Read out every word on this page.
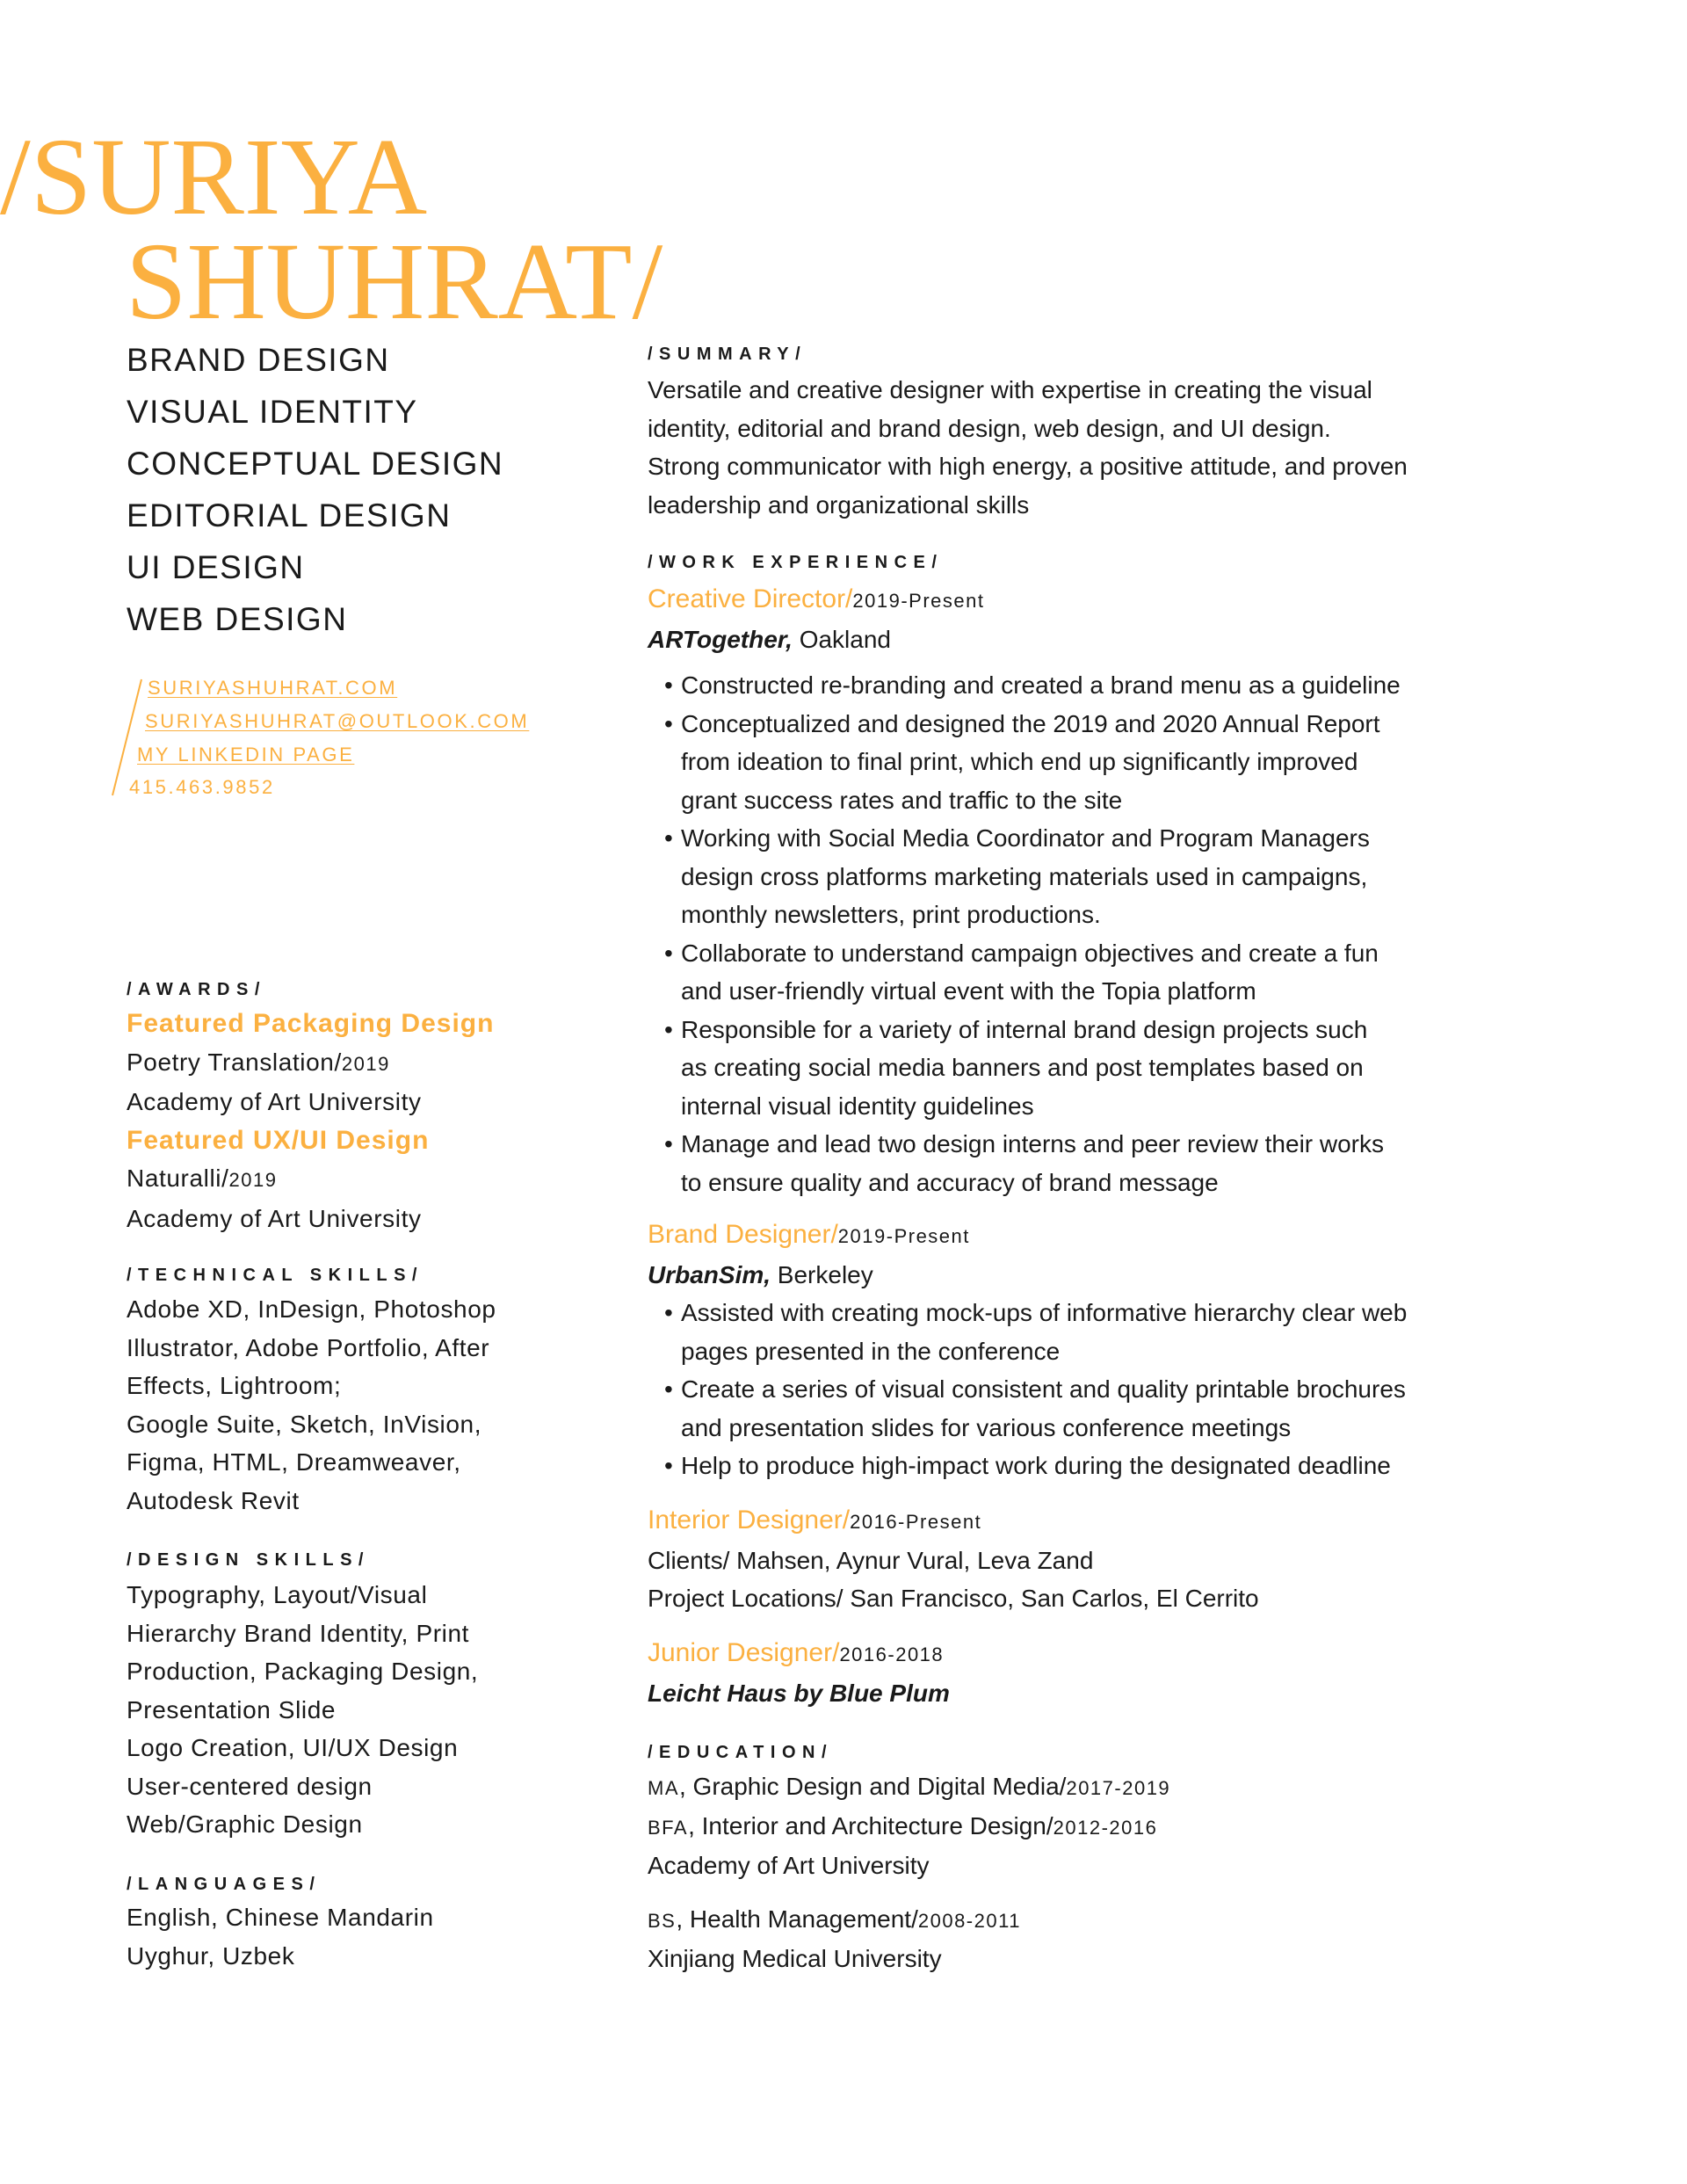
/SURIYA
SHUHRAT/
BRAND DESIGN
VISUAL IDENTITY
CONCEPTUAL DESIGN
EDITORIAL DESIGN
UI DESIGN
WEB DESIGN
SURIYASHUHRAT.COM
SURIYASHUHRAT@OUTLOOK.COM
MY LINKEDIN PAGE
415.463.9852
/AWARDS/
Featured Packaging Design
Poetry Translation/2019
Academy of Art University
Featured UX/UI Design
Naturalli/2019
Academy of Art University
/TECHNICAL SKILLS/
Adobe XD, InDesign, Photoshop
Illustrator, Adobe Portfolio, After
Effects, Lightroom;
Google Suite, Sketch, InVision,
Figma, HTML, Dreamweaver,
Autodesk Revit
/DESIGN SKILLS/
Typography, Layout/Visual
Hierarchy Brand Identity, Print
Production, Packaging Design,
Presentation Slide
Logo Creation, UI/UX Design
User-centered design
Web/Graphic Design
/LANGUAGES/
English, Chinese Mandarin
Uyghur, Uzbek
/SUMMARY/
Versatile and creative designer with expertise in creating the visual
identity, editorial and brand design, web design, and UI design.
Strong communicator with high energy, a positive attitude, and proven
leadership and organizational skills
/WORK EXPERIENCE/
Creative Director/2019-Present
ARTogether, Oakland
• Constructed re-branding and created a brand menu as a guideline
• Conceptualized and designed the 2019 and 2020 Annual Report
from ideation to final print, which end up significantly improved
grant success rates and traffic to the site
• Working with Social Media Coordinator and Program Managers
design cross platforms marketing materials used in campaigns,
monthly newsletters, print productions.
• Collaborate to understand campaign objectives and create a fun
and user-friendly virtual event with the Topia platform
• Responsible for a variety of internal brand design projects such
as creating social media banners and post templates based on
internal visual identity guidelines
• Manage and lead two design interns and peer review their works
to ensure quality and accuracy of brand message
Brand Designer/2019-Present
UrbanSim, Berkeley
• Assisted with creating mock-ups of informative hierarchy clear web
pages presented in the conference
• Create a series of visual consistent and quality printable brochures
and presentation slides for various conference meetings
• Help to produce high-impact work during the designated deadline
Interior Designer/2016-Present
Clients/ Mahsen, Aynur Vural, Leva Zand
Project Locations/ San Francisco, San Carlos, El Cerrito
Junior Designer/2016-2018
Leicht Haus by Blue Plum
/EDUCATION/
MA, Graphic Design and Digital Media/2017-2019
BFA, Interior and Architecture Design/2012-2016
Academy of Art University
BS, Health Management/2008-2011
Xinjiang Medical University
